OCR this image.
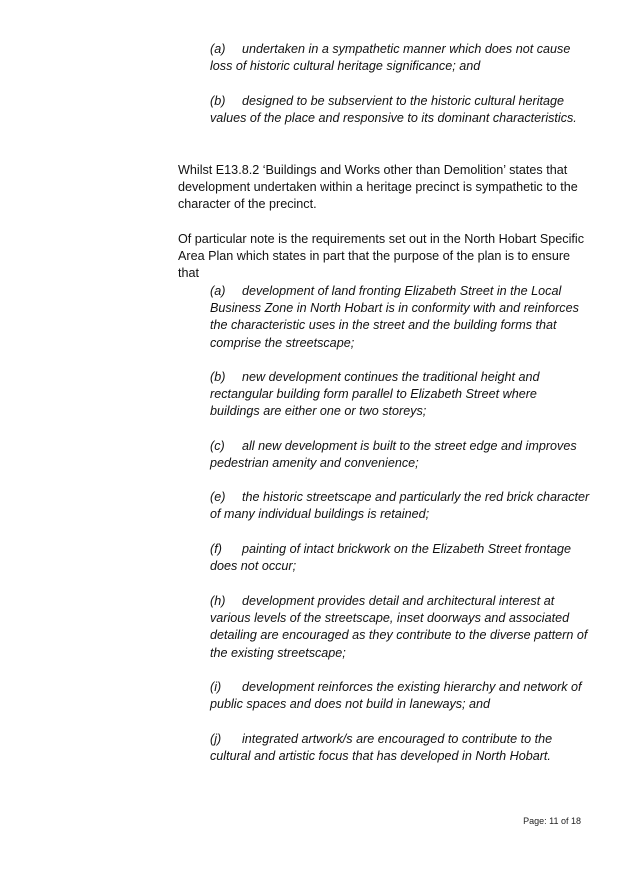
(a) undertaken in a sympathetic manner which does not cause loss of historic cultural heritage significance; and
(b) designed to be subservient to the historic cultural heritage values of the place and responsive to its dominant characteristics.
Whilst E13.8.2 ‘Buildings and Works other than Demolition’ states that development undertaken within a heritage precinct is sympathetic to the character of the precinct.
Of particular note is the requirements set out in the North Hobart Specific Area Plan which states in part that the purpose of the plan is to ensure that
(a) development of land fronting Elizabeth Street in the Local Business Zone in North Hobart is in conformity with and reinforces the characteristic uses in the street and the building forms that comprise the streetscape;
(b) new development continues the traditional height and rectangular building form parallel to Elizabeth Street where buildings are either one or two storeys;
(c) all new development is built to the street edge and improves pedestrian amenity and convenience;
(e) the historic streetscape and particularly the red brick character of many individual buildings is retained;
(f) painting of intact brickwork on the Elizabeth Street frontage does not occur;
(h) development provides detail and architectural interest at various levels of the streetscape, inset doorways and associated detailing are encouraged as they contribute to the diverse pattern of the existing streetscape;
(i) development reinforces the existing hierarchy and network of public spaces and does not build in laneways; and
(j) integrated artwork/s are encouraged to contribute to the cultural and artistic focus that has developed in North Hobart.
Page: 11 of 18
